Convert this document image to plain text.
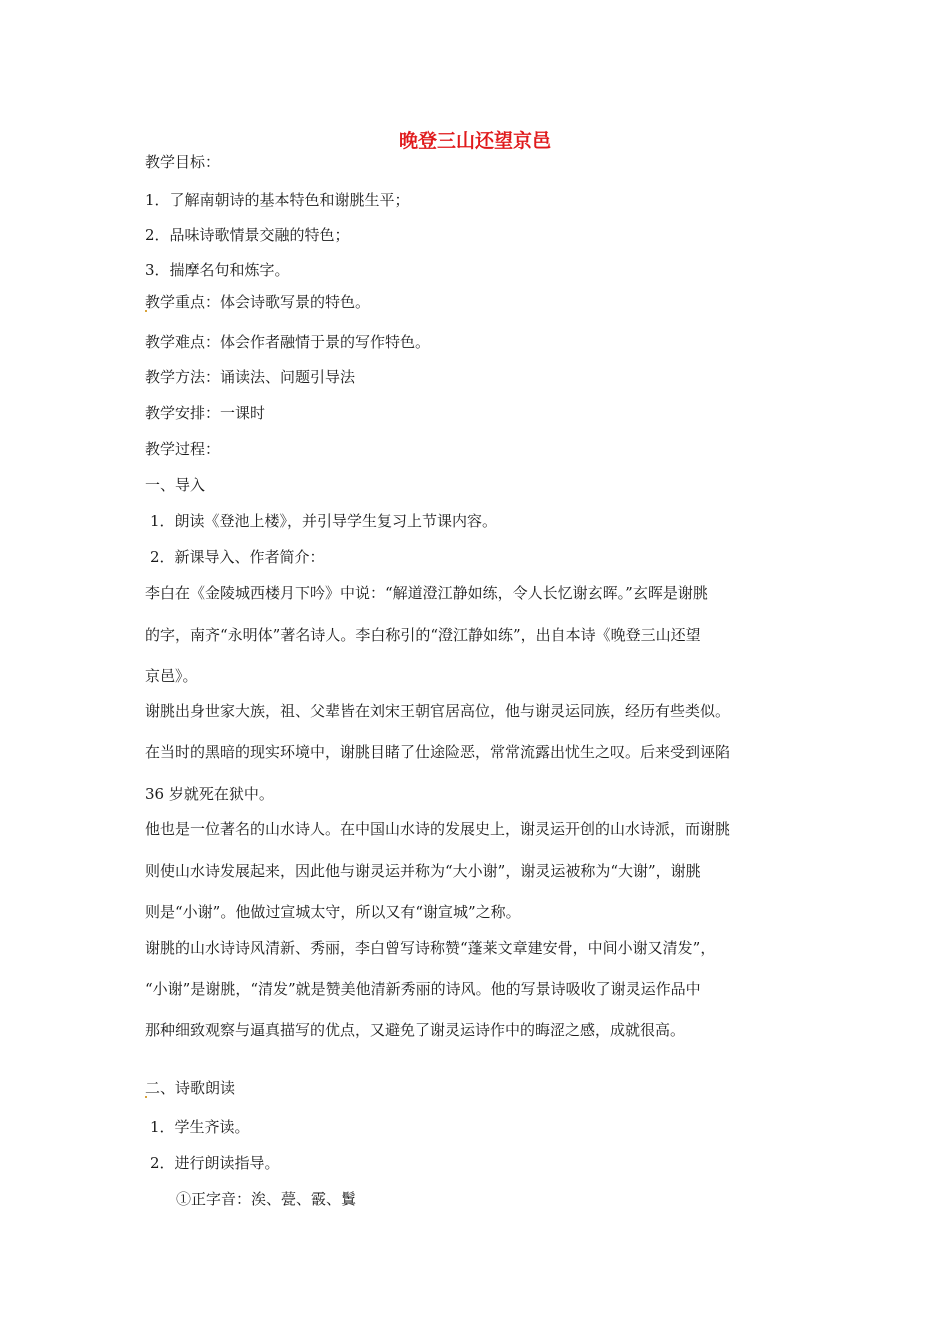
晚登三山还望京邑
教学目标：
1．了解南朝诗的基本特色和谢朓生平；
2．品味诗歌情景交融的特色；
3．揣摩名句和炼字。
教学重点：体会诗歌写景的特色。
教学难点：体会作者融情于景的写作特色。
教学方法：诵读法、问题引导法
教学安排：一课时
教学过程：
一、导入
1．朗读《登池上楼》，并引导学生复习上节课内容。
2．新课导入、作者简介：
李白在《金陵城西楼月下吟》中说：“解道澄江静如练，令人长忆谢玄晖。”玄晖是谢朓
的字，南齐“永明体”著名诗人。李白称引的“澄江静如练”，出自本诗《晚登三山还望
京邑》。
谢朓出身世家大族，祖、父辈皆在刘宋王朝官居高位，他与谢灵运同族，经历有些类似。
在当时的黑暗的现实环境中，谢朓目睹了仕途险恶，常常流露出忧生之叹。后来受到诬陷
36 岁就死在狱中。
他也是一位著名的山水诗人。在中国山水诗的发展史上，谢灵运开创的山水诗派，而谢朓
则使山水诗发展起来，因此他与谢灵运并称为“大小谢”，谢灵运被称为“大谢”，谢朓
则是“小谢”。他做过宣城太守，所以又有“谢宣城”之称。
谢朓的山水诗诗风清新、秀丽，李白曾写诗称赞“蓬莱文章建安骨，中间小谢又清发”，
“小谢”是谢朓，“清发”就是赞美他清新秀丽的诗风。他的写景诗吸收了谢灵运作品中
那种细致观察与逼真描写的优点，又避免了谢灵运诗作中的晦涩之感，成就很高。
二、诗歌朗读
1．学生齐读。
2．进行朗读指导。
①正字音：涘、甍、霰、鬒
